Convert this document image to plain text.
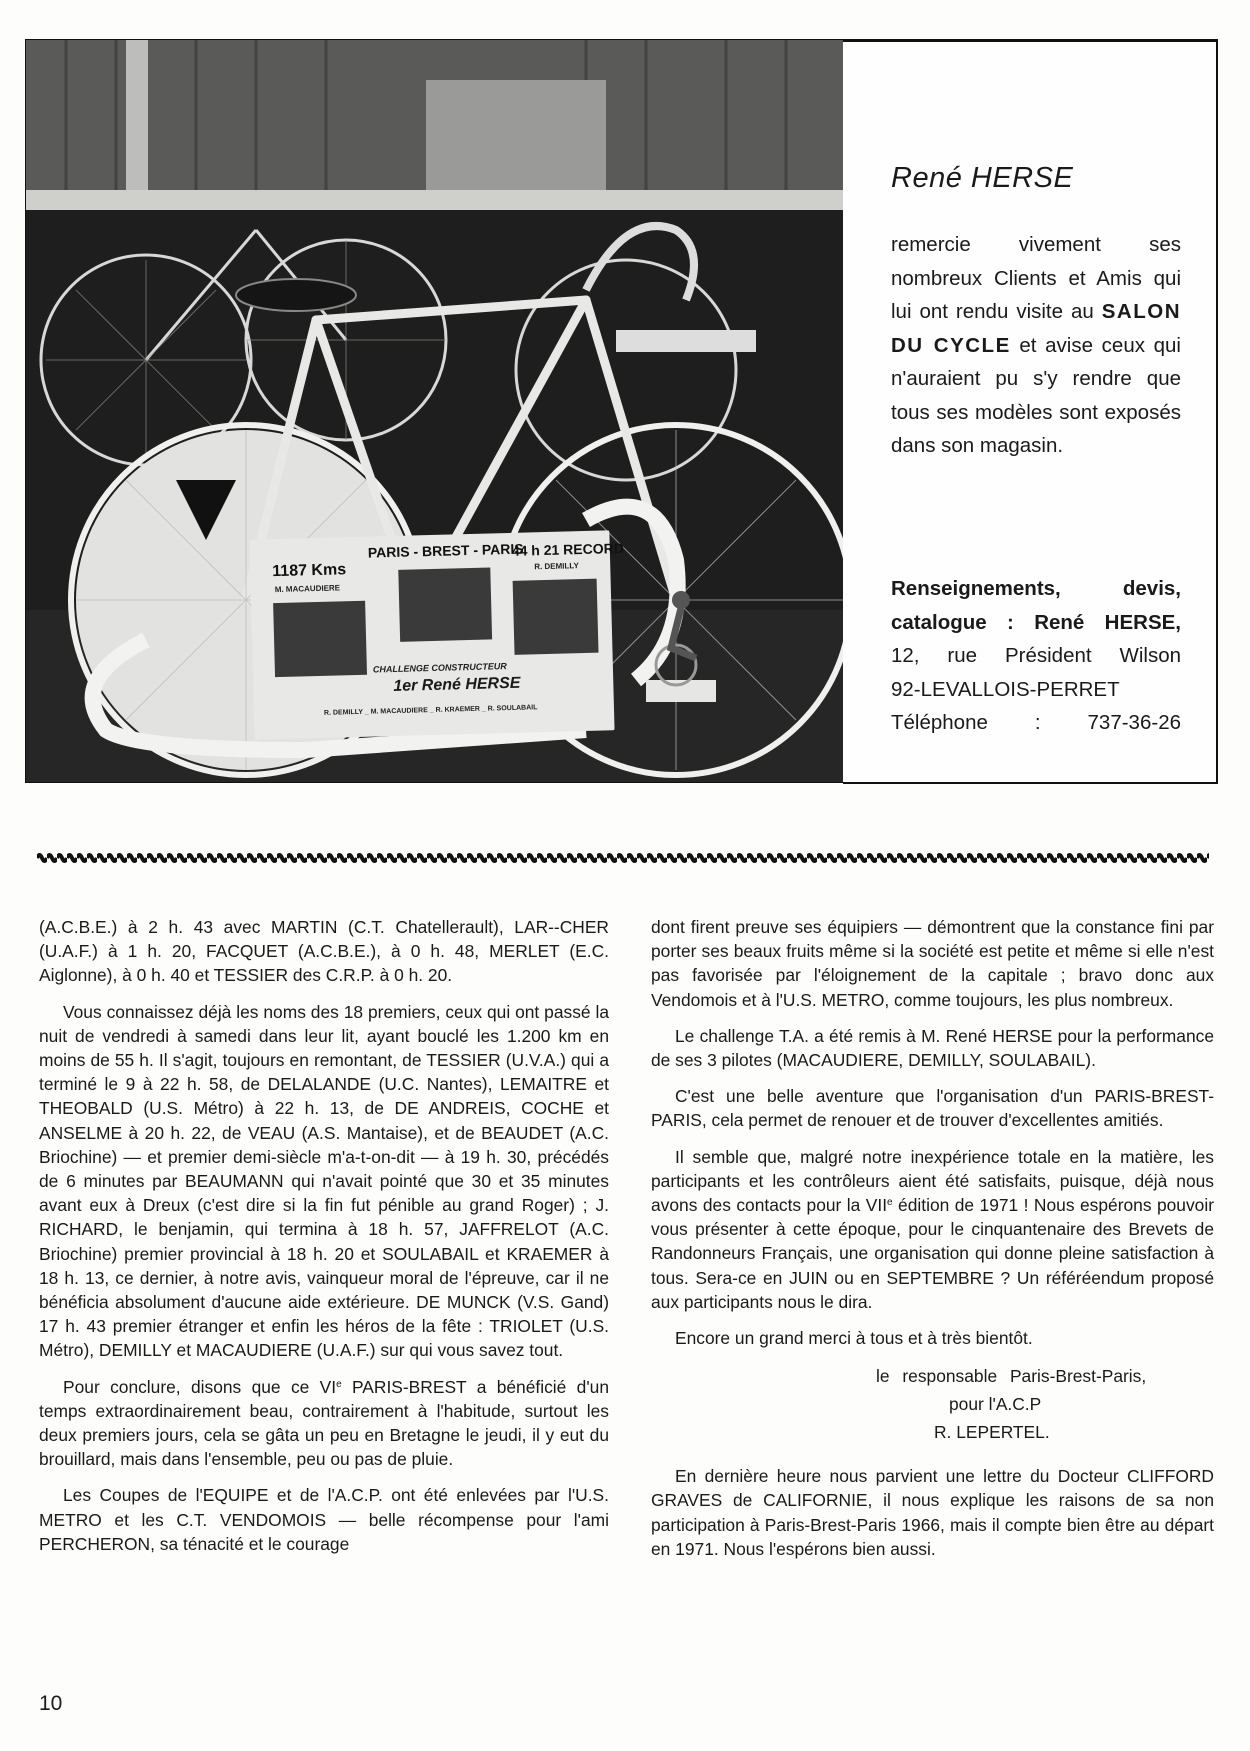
1187 Kms
M. MACAUDIERE
PARIS - BREST - PARIS
44 h 21 RECORD
R. DEMILLY
CHALLENGE CONSTRUCTEUR
1er René HERSE
R. DEMILLY _ M. MACAUDIERE _ R. KRAEMER _ R. SOULABAIL
René HERSE
remercie vivement ses nombreux Clients et Amis qui lui ont rendu visite au SALON DU CYCLE et avise ceux qui n'auraient pu s'y rendre que tous ses modèles sont exposés dans son magasin.
Renseignements, devis,
catalogue : René HERSE,
12, rue Président Wilson
92-LEVALLOIS-PERRET
Téléphone : 737-36-26

(A.C.B.E.) à 2 h. 43 avec MARTIN (C.T. Chatellerault), LAR--CHER (U.A.F.) à 1 h. 20, FACQUET (A.C.B.E.), à 0 h. 48, MERLET (E.C. Aiglonne), à 0 h. 40 et TESSIER des C.R.P. à 0 h. 20.

Vous connaissez déjà les noms des 18 premiers, ceux qui ont passé la nuit de vendredi à samedi dans leur lit, ayant bouclé les 1.200 km en moins de 55 h. Il s'agit, toujours en remontant, de TESSIER (U.V.A.) qui a terminé le 9 à 22 h. 58, de DELALANDE (U.C. Nantes), LEMAITRE et THEOBALD (U.S. Métro) à 22 h. 13, de DE ANDREIS, COCHE et ANSELME à 20 h. 22, de VEAU (A.S. Mantaise), et de BEAUDET (A.C. Briochine) — et premier demi-siècle m'a-t-on-dit — à 19 h. 30, précédés de 6 minutes par BEAUMANN qui n'avait pointé que 30 et 35 minutes avant eux à Dreux (c'est dire si la fin fut pénible au grand Roger) ; J. RICHARD, le benjamin, qui termina à 18 h. 57, JAFFRELOT (A.C. Briochine) premier provincial à 18 h. 20 et SOULABAIL et KRAEMER à 18 h. 13, ce dernier, à notre avis, vainqueur moral de l'épreuve, car il ne bénéficia absolument d'aucune aide extérieure. DE MUNCK (V.S. Gand) 17 h. 43 premier étranger et enfin les héros de la fête : TRIOLET (U.S. Métro), DEMILLY et MACAUDIERE (U.A.F.) sur qui vous savez tout.

Pour conclure, disons que ce VIe PARIS-BREST a bénéficié d'un temps extraordinairement beau, contrairement à l'habitude, surtout les deux premiers jours, cela se gâta un peu en Bretagne le jeudi, il y eut du brouillard, mais dans l'ensemble, peu ou pas de pluie.

Les Coupes de l'EQUIPE et de l'A.C.P. ont été enlevées par l'U.S. METRO et les C.T. VENDOMOIS — belle récompense pour l'ami PERCHERON, sa ténacité et le courage

dont firent preuve ses équipiers — démontrent que la constance fini par porter ses beaux fruits même si la société est petite et même si elle n'est pas favorisée par l'éloignement de la capitale ; bravo donc aux Vendomois et à l'U.S. METRO, comme toujours, les plus nombreux.

Le challenge T.A. a été remis à M. René HERSE pour la performance de ses 3 pilotes (MACAUDIERE, DEMILLY, SOULABAIL).

C'est une belle aventure que l'organisation d'un PARIS-BREST-PARIS, cela permet de renouer et de trouver d'excellentes amitiés.

Il semble que, malgré notre inexpérience totale en la matière, les participants et les contrôleurs aient été satisfaits, puisque, déjà nous avons des contacts pour la VIIe édition de 1971 ! Nous espérons pouvoir vous présenter à cette époque, pour le cinquantenaire des Brevets de Randonneurs Français, une organisation qui donne pleine satisfaction à tous. Sera-ce en JUIN ou en SEPTEMBRE ? Un référéendum proposé aux participants nous le dira.

Encore un grand merci à tous et à très bientôt.

le responsable Paris-Brest-Paris,
pour l'A.C.P
R. LEPERTEL.

En dernière heure nous parvient une lettre du Docteur CLIFFORD GRAVES de CALIFORNIE, il nous explique les raisons de sa non participation à Paris-Brest-Paris 1966, mais il compte bien être au départ en 1971. Nous l'espérons bien aussi.

10
